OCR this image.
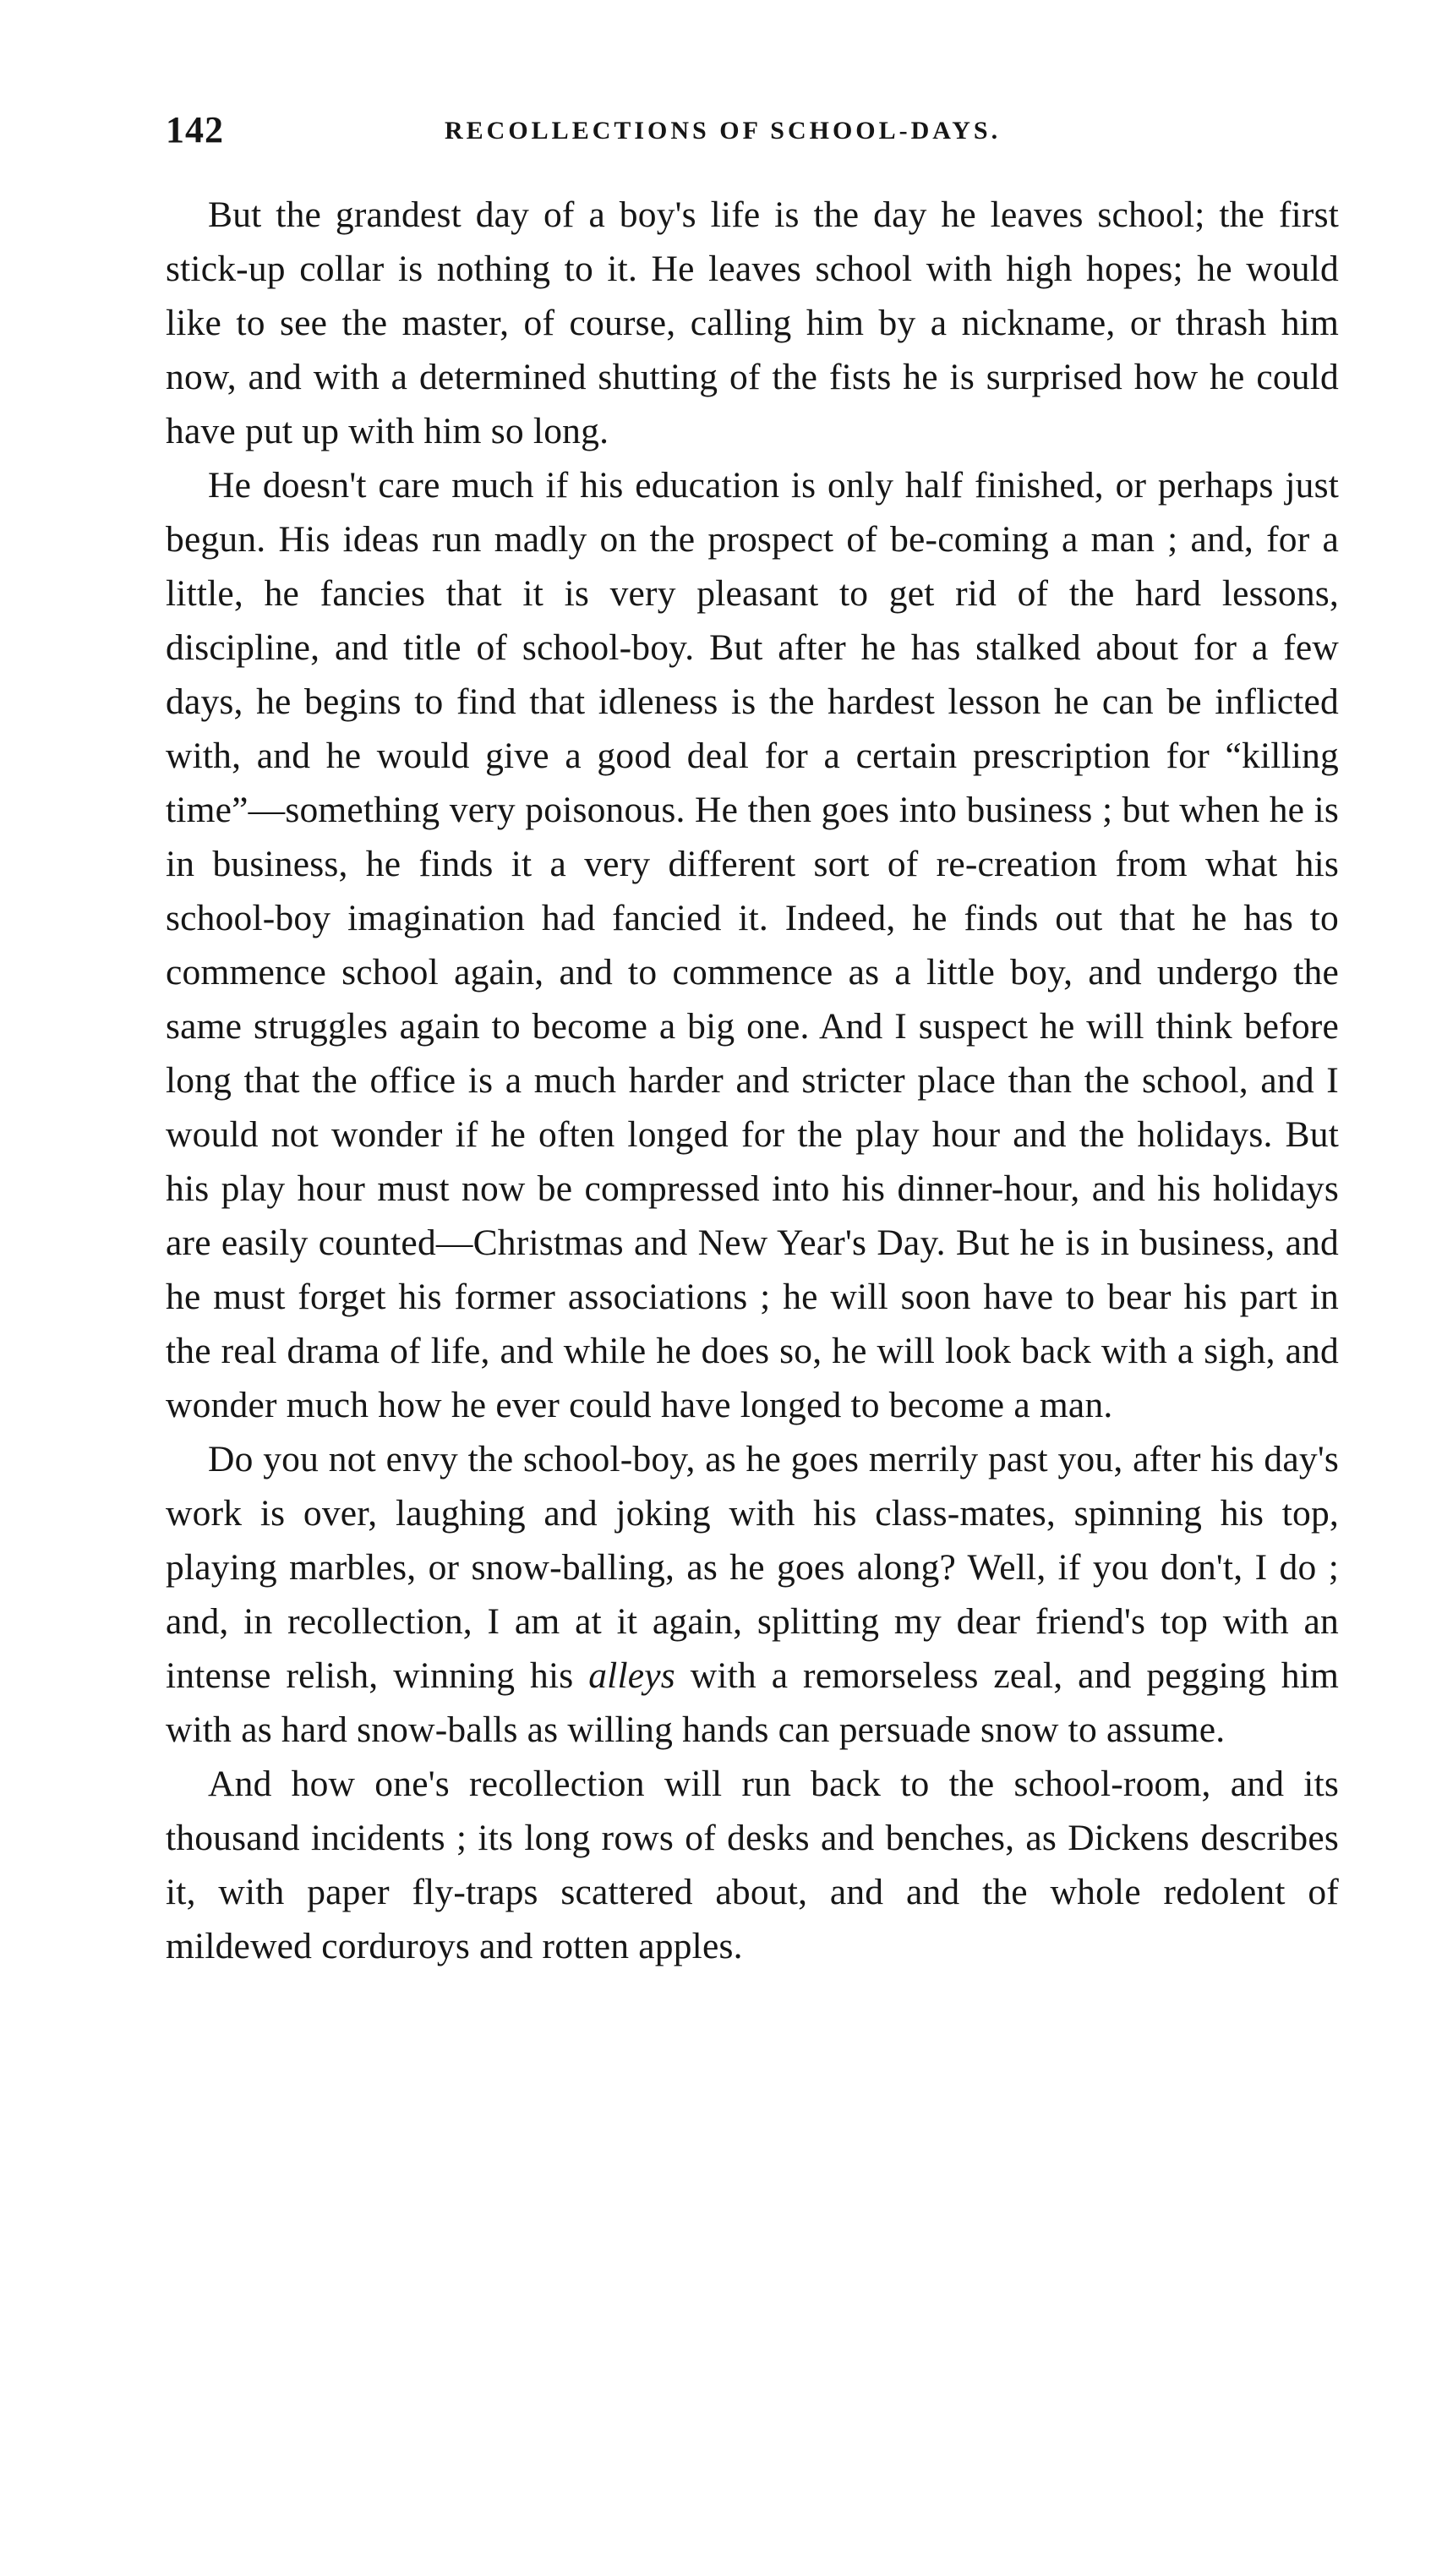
142	RECOLLECTIONS OF SCHOOL-DAYS.

But the grandest day of a boy's life is the day he leaves school; the first stick-up collar is nothing to it. He leaves school with high hopes; he would like to see the master, of course, calling him by a nickname, or thrash him now, and with a determined shutting of the fists he is surprised how he could have put up with him so long.

He doesn't care much if his education is only half finished, or perhaps just begun. His ideas run madly on the prospect of be-coming a man ; and, for a little, he fancies that it is very pleasant to get rid of the hard lessons, discipline, and title of school-boy. But after he has stalked about for a few days, he begins to find that idleness is the hardest lesson he can be inflicted with, and he would give a good deal for a certain prescription for “killing time”—something very poisonous. He then goes into business ; but when he is in business, he finds it a very different sort of re-creation from what his school-boy imagination had fancied it. Indeed, he finds out that he has to commence school again, and to commence as a little boy, and undergo the same struggles again to become a big one. And I suspect he will think before long that the office is a much harder and stricter place than the school, and I would not wonder if he often longed for the play hour and the holidays. But his play hour must now be compressed into his dinner-hour, and his holidays are easily counted—Christmas and New Year's Day. But he is in business, and he must forget his former associations ; he will soon have to bear his part in the real drama of life, and while he does so, he will look back with a sigh, and wonder much how he ever could have longed to become a man.

Do you not envy the school-boy, as he goes merrily past you, after his day's work is over, laughing and joking with his class-mates, spinning his top, playing marbles, or snow-balling, as he goes along? Well, if you don't, I do ; and, in recollection, I am at it again, splitting my dear friend's top with an intense relish, winning his alleys with a remorseless zeal, and pegging him with as hard snow-balls as willing hands can persuade snow to assume.

And how one's recollection will run back to the school-room, and its thousand incidents ; its long rows of desks and benches, as Dickens describes it, with paper fly-traps scattered about, and and the whole redolent of mildewed corduroys and rotten apples.
